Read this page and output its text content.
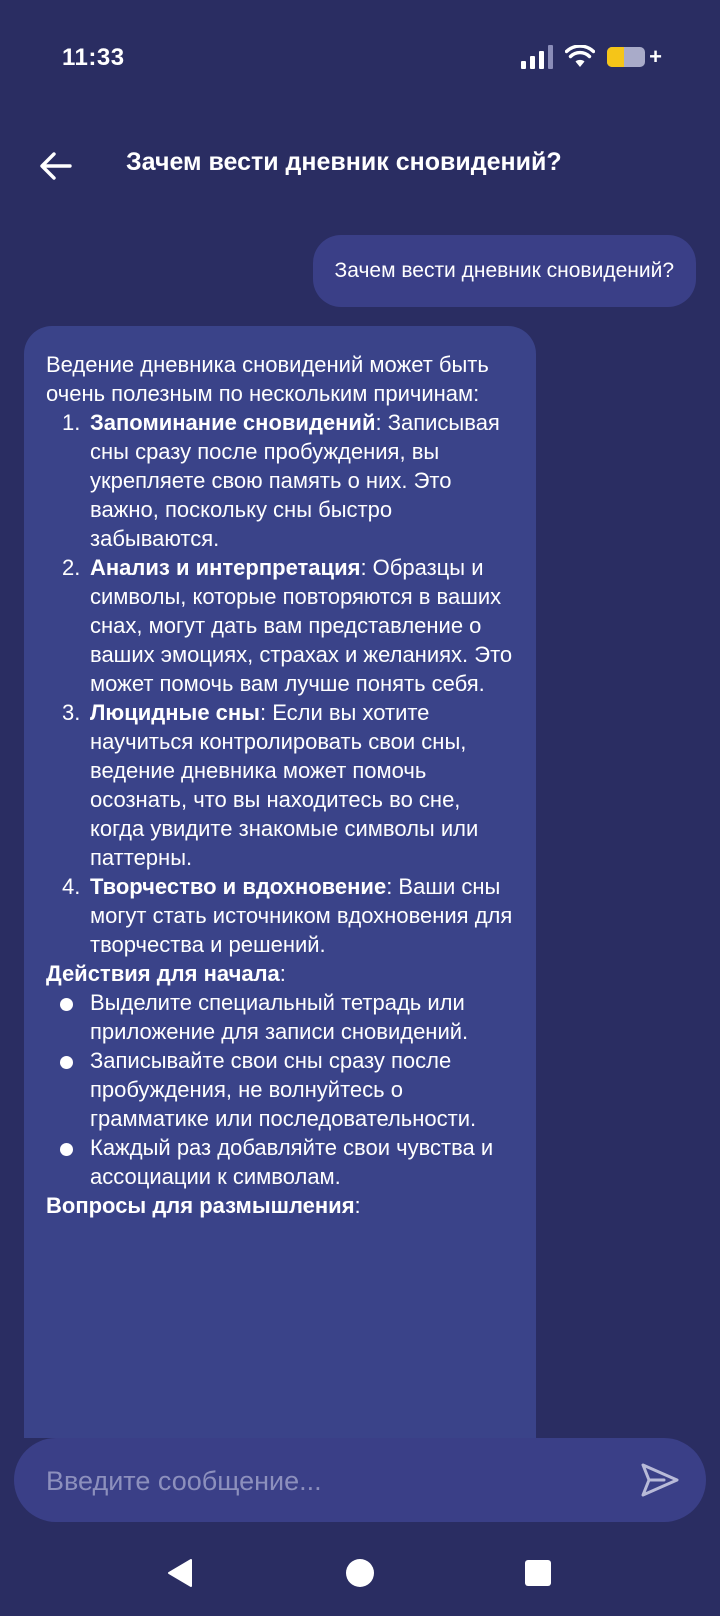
11:33	+
Зачем вести дневник сновидений?
Зачем вести дневник сновидений?

Ведение дневника сновидений может быть очень полезным по нескольким причинам:

1. Запоминание сновидений: Записывая сны сразу после пробуждения, вы укрепляете свою память о них. Это важно, поскольку сны быстро забываются.
2. Анализ и интерпретация: Образцы и символы, которые повторяются в ваших снах, могут дать вам представление о ваших эмоциях, страхах и желаниях. Это может помочь вам лучше понять себя.
3. Люцидные сны: Если вы хотите научиться контролировать свои сны, ведение дневника может помочь осознать, что вы находитесь во сне, когда увидите знакомые символы или паттерны.
4. Творчество и вдохновение: Ваши сны могут стать источником вдохновения для творчества и решений.

Действия для начала:

Выделите специальный тетрадь или приложение для записи сновидений.
Записывайте свои сны сразу после пробуждения, не волнуйтесь о грамматике или последовательности.
Каждый раз добавляйте свои чувства и ассоциации к символам.

Вопросы для размышления:

Введите сообщение...
